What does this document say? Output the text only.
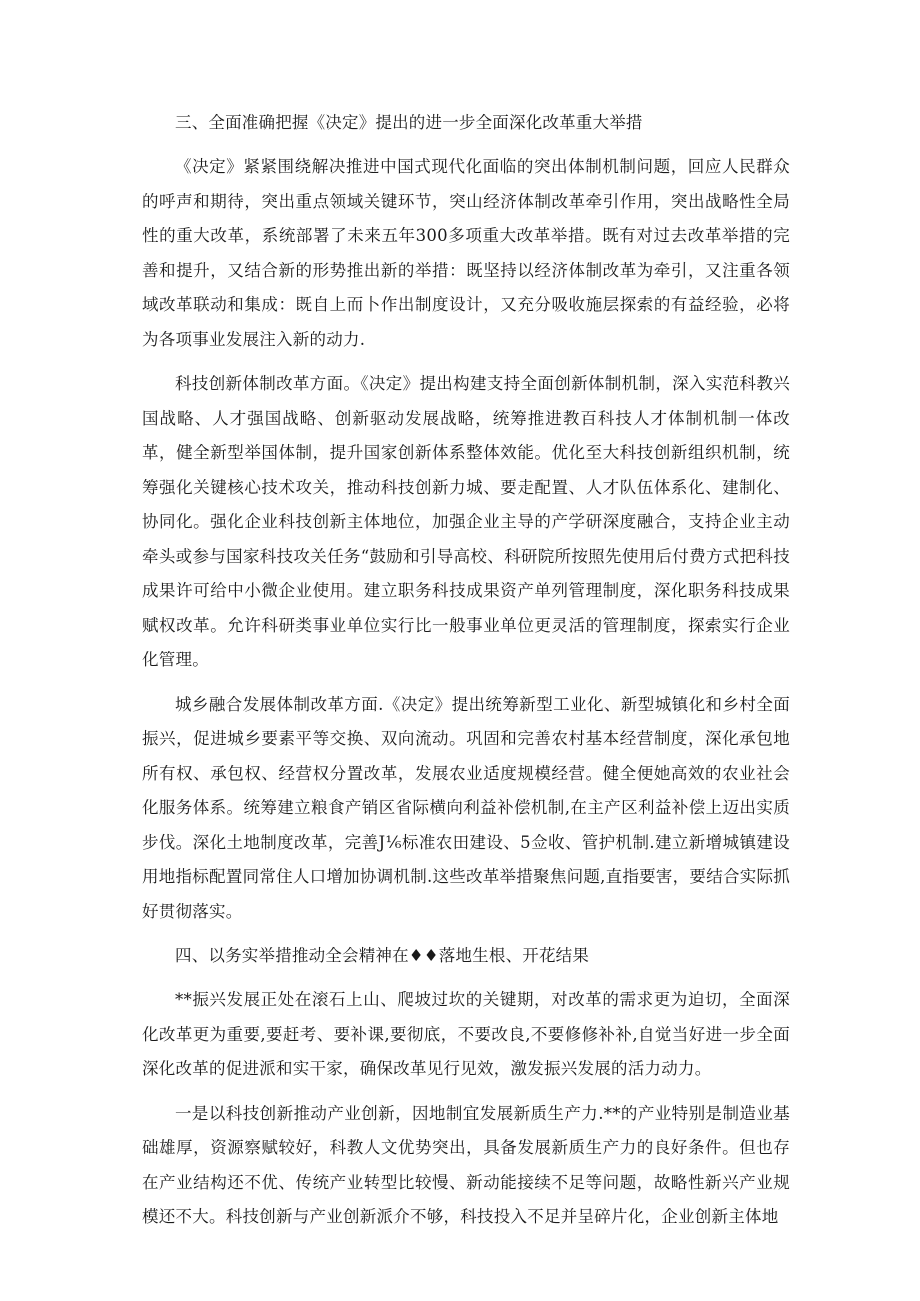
三、全面准确把握《决定》提出的进一步全面深化改革重大举措

《决定》紧紧围绕解决推进中国式现代化面临的突出体制机制问题，回应人民群众的呼声和期待，突出重点领域关键环节，突山经济体制改革牵引作用，突出战略性全局性的重大改革，系统部署了未来五年300多项重大改革举措。既有对过去改革举措的完善和提升，又结合新的形势推出新的举措：既坚持以经济体制改革为牵引，又注重各领域改革联动和集成：既自上而卜作出制度设计，又充分吸收施层探索的有益经验，必将为各项事业发展注入新的动力.

科技创新体制改革方面。《决定》提出构建支持全面创新体制机制，深入实范科教兴国战略、人才强国战略、创新驱动发展战略，统筹推进教百科技人才体制机制一体改革，健全新型举国体制，提升国家创新体系整体效能。优化至大科技创新组织机制，统筹强化关键核心技术攻关，推动科技创新力城、要走配置、人才队伍体系化、建制化、协同化。强化企业科技创新主体地位，加强企业主导的产学研深度融合，支持企业主动牵头或参与国家科技攻关任务“鼓励和引导高校、科研院所按照先使用后付费方式把科技成果许可给中小微企业使用。建立职务科技成果资产单列管理制度，深化职务科技成果赋权改革。允许科研类事业单位实行比一般事业单位更灵活的管理制度，探索实行企业化管理。

城乡融合发展体制改革方面.《决定》提出统筹新型工业化、新型城镇化和乡村全面振兴，促进城乡要素平等交换、双向流动。巩固和完善农村基本经营制度，深化承包地所有权、承包权、经营权分置改革，发展农业适度规模经营。健全便她高效的农业社会化服务体系。统筹建立粮食产销区省际横向利益补偿机制,在主产区利益补偿上迈出实质步伐。深化土地制度改革，完善J⅙标准农田建设、5佥收、管护机制.建立新增城镇建设用地指标配置同常住人口增加协调机制.这些改革举措聚焦问题,直指要害，要结合实际抓好贯彻落实。

四、以务实举措推动全会精神在♦♦落地生根、开花结果

**振兴发展正处在滚石上山、爬坡过坎的关键期，对改革的需求更为迫切，全面深化改革更为重要,要赶考、要补课,要彻底，不要改良,不要修修补补,自觉当好进一步全面深化改革的促进派和实干家，确保改革见行见效，激发振兴发展的活力动力。

一是以科技创新推动产业创新，因地制宜发展新质生产力.**的产业特别是制造业基础雄厚，资源察赋较好，科教人文优势突出，具备发展新质生产力的良好条件。但也存在产业结构还不优、传统产业转型比较慢、新动能接续不足等问题，故略性新兴产业规模还不大。科技创新与产业创新派介不够，科技投入不足并呈碎片化，企业创新主体地
